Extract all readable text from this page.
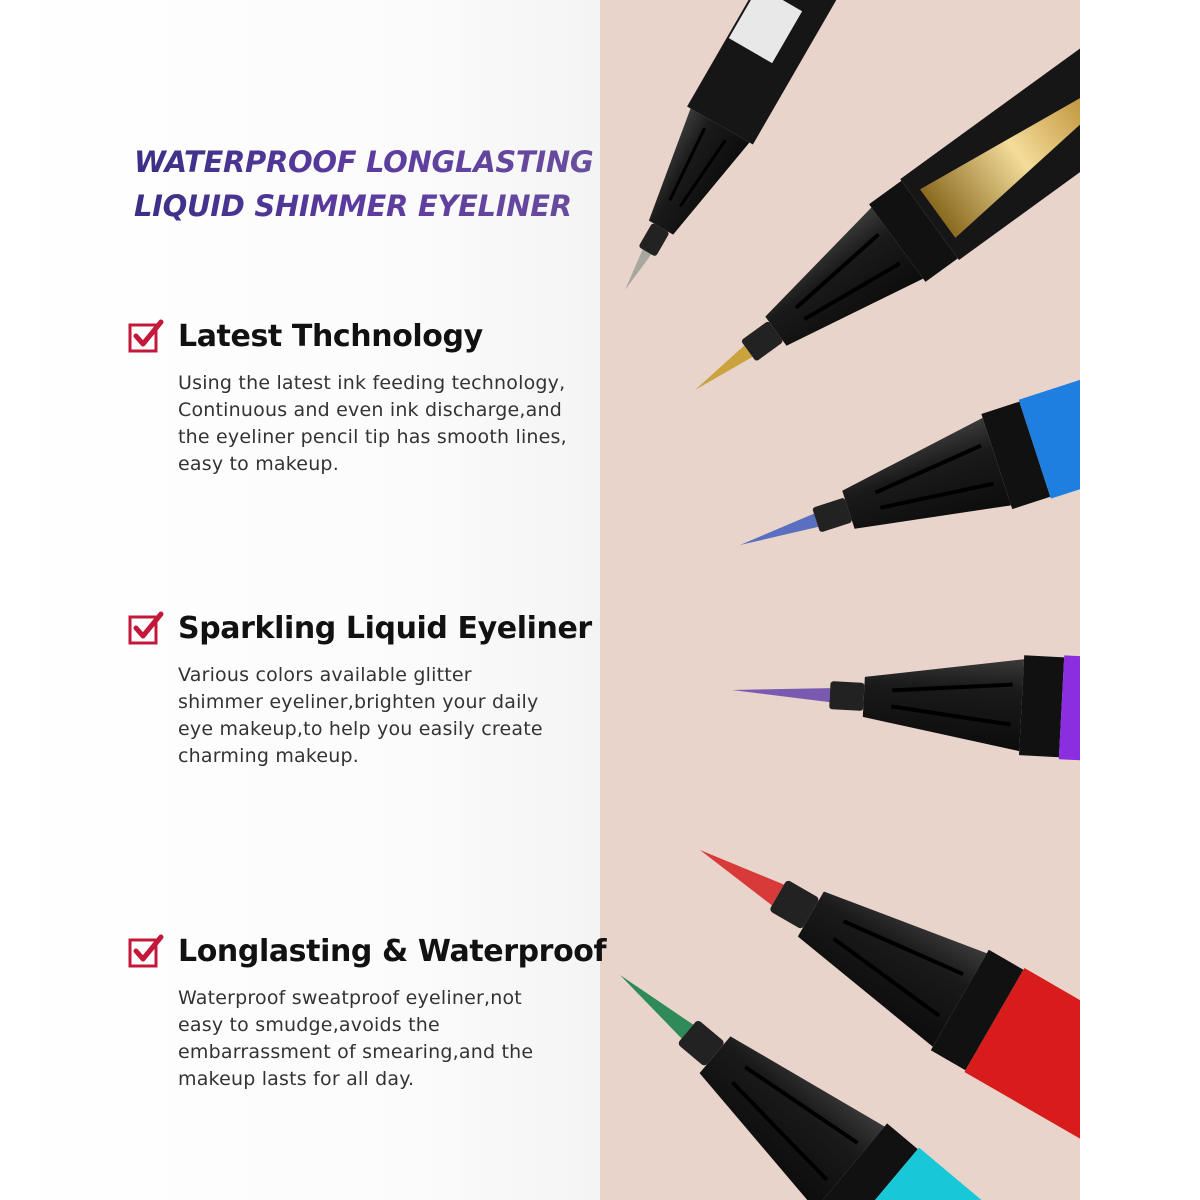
WATERPROOF LONGLASTING
LIQUID SHIMMER EYELINER
Latest Thchnology
Using the latest ink feeding technology,
Continuous and even ink discharge,and
the eyeliner pencil tip has smooth lines,
easy to makeup.
Sparkling Liquid Eyeliner
Various colors available glitter
shimmer eyeliner,brighten your daily
eye makeup,to help you easily create
charming makeup.
Longlasting & Waterproof
Waterproof sweatproof eyeliner,not
easy to smudge,avoids the
embarrassment of smearing,and the
makeup lasts for all day.
